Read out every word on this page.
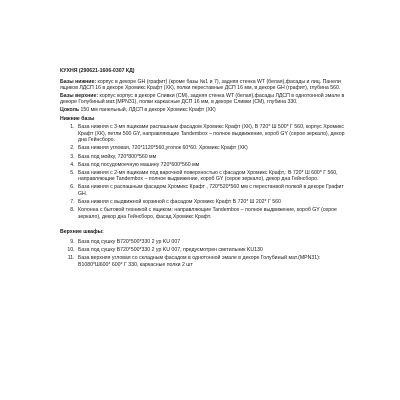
КУХНЯ (290621-1606-0307 КД)
Базы нижние: корпус в декоре GH (графит) (кроме базы №1 и 7), задняя стенка WT (белая),фасады и лиц. Панели ящиков ЛДСП 16 в декоре Хромикс Крафт (ХК), полки переставные ДСП 16 мм, в декоре GH (графит), глубина 560.
Базы верхние: корпус корпус в декоре Сливки (СМ), задняя стенка WT (белая),фасады ЛДСП в однотонной эмале в декоре Голубиный мат.(MPN31), полки каркасные ДСП 16 мм, в декоре Сливки (СМ), глубина 330.
Цоколь 150 мм панельный, ЛДСП в декоре Хромикс Крафт (ХК)
Нижние базы
1. База нижняя с 3-мя ящиками распашным фасадом Хромикс Крафт (ХК), В 720* Ш 500* Г 560, корпус Хромикс Крафт (ХК), петли 500 GY, направляющие Tandembox – полное выдвижение, короб GY (серое зеркало), декор дна Гейнсборо.
2. База нижняя угловая, 720*1120*560,уголок 60*60. Хромикс Крафт (ХК)
3. База под мойку, 720*800*560 мм
4. База под посудомоечную машину 720*600*560 мм
5. База нижняя с 2-мя ящиками под варочной поверхностью с фасадом Хромикс Крафт,: В 720* Ш 600* Г 560, направляющие Tandembox – полное выдвижение, короб GY (серое зеркало), декор дна Гейнсборо.
6. База нижняя с распашным фасадом Хромикс Крафт , 720*520*560 мм с перестанвой полкой в декоре Графит GH.
7. База нижняя с выдвижной корзиной с фасадом Хромикс Крафт В 720* Ш 202* Г 560
8. Колонна с бытовой техникой с ящиком: направляющие Tandembox – полное выдвижение, короб GY (серое зеркало), декор дна Гейнсборо, фасад Хромикс Крафт.
Верхние шкафы:
9. База под сушку В720*500*330 2 ур KU 007
10. База под сушку В720*500*330 2 ур KU 007, предусмотрен светильник KU130
11. База верхняя угловая со складным фасадом в однотонной эмале в декоре Голубиный мат.(MPN31): В1080*Ш600* 600* Г 330, каркасные полки 2 шт
